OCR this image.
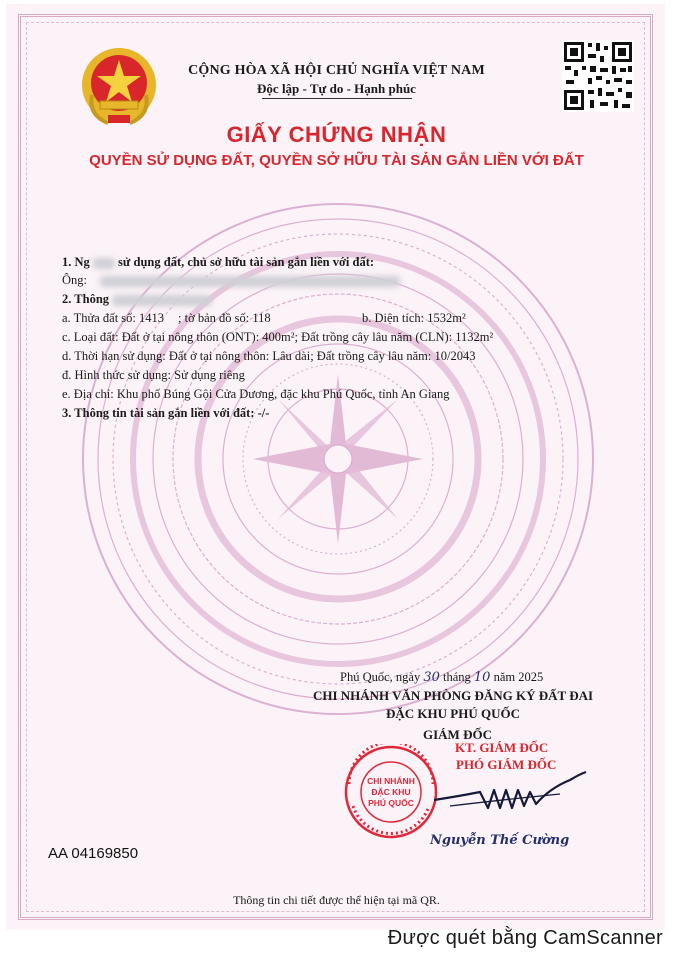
CỘNG HÒA XÃ HỘI CHỦ NGHĨA VIỆT NAM
Độc lập - Tự do - Hạnh phúc
GIẤY CHỨNG NHẬN
QUYỀN SỬ DỤNG ĐẤT, QUYỀN SỞ HỮU TÀI SẢN GẮN LIỀN VỚI ĐẤT
1. Ng sử dụng đất, chủ sở hữu tài sản gắn liền với đất:
Ông:
2. Thông
a. Thửa đất số: 1413 ; tờ bản đồ số: 118	b. Diện tích: 1532m²
c. Loại đất: Đất ở tại nông thôn (ONT): 400m²; Đất trồng cây lâu năm (CLN): 1132m²
d. Thời hạn sử dụng: Đất ở tại nông thôn: Lâu dài; Đất trồng cây lâu năm: 10/2043
đ. Hình thức sử dụng: Sử dụng riêng
e. Địa chỉ: Khu phố Búng Gội Cửa Dương, đặc khu Phú Quốc, tỉnh An Giang
3. Thông tin tài sản gắn liền với đất: -/-
Phú Quốc, ngày 30 tháng 10 năm 2025
CHI NHÁNH VĂN PHÒNG ĐĂNG KÝ ĐẤT ĐAI
ĐẶC KHU PHÚ QUỐC
GIÁM ĐỐC
KT. GIÁM ĐỐC
PHÓ GIÁM ĐỐC
CHI NHÁNH
ĐẶC KHU
PHÚ QUỐC
Nguyễn Thế Cường
AA 04169850
Thông tin chi tiết được thể hiện tại mã QR.
Được quét bằng CamScanner
